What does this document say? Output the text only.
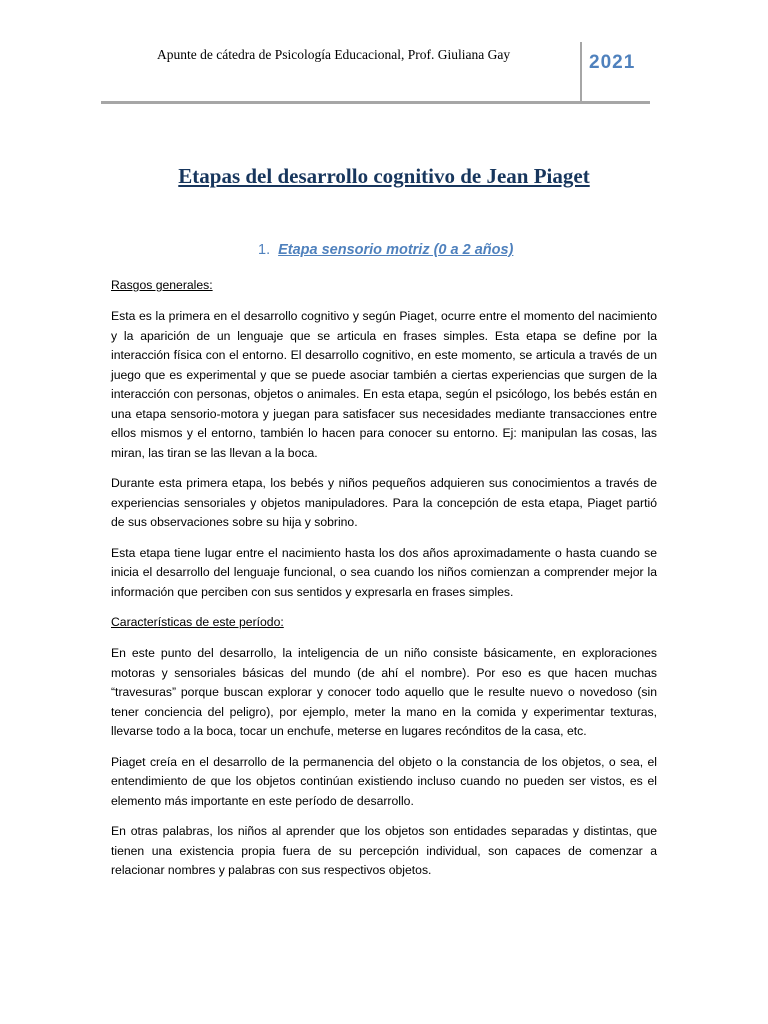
Apunte de cátedra de Psicología Educacional, Prof. Giuliana Gay	2021
Etapas del desarrollo cognitivo de Jean Piaget
1. Etapa sensorio motriz (0 a 2 años)
Rasgos generales:

Esta es la primera en el desarrollo cognitivo y según Piaget, ocurre entre el momento del nacimiento y la aparición de un lenguaje que se articula en frases simples. Esta etapa se define por la interacción física con el entorno. El desarrollo cognitivo, en este momento, se articula a través de un juego que es experimental y que se puede asociar también a ciertas experiencias que surgen de la interacción con personas, objetos o animales. En esta etapa, según el psicólogo, los bebés están en una etapa sensorio-motora y juegan para satisfacer sus necesidades mediante transacciones entre ellos mismos y el entorno, también lo hacen para conocer su entorno. Ej: manipulan las cosas, las miran, las tiran se las llevan a la boca.

Durante esta primera etapa, los bebés y niños pequeños adquieren sus conocimientos a través de experiencias sensoriales y objetos manipuladores. Para la concepción de esta etapa, Piaget partió de sus observaciones sobre su hija y sobrino.

Esta etapa tiene lugar entre el nacimiento hasta los dos años aproximadamente o hasta cuando se inicia el desarrollo del lenguaje funcional, o sea cuando los niños comienzan a comprender mejor la información que perciben con sus sentidos y expresarla en frases simples.

Características de este período:

En este punto del desarrollo, la inteligencia de un niño consiste básicamente, en exploraciones motoras y sensoriales básicas del mundo (de ahí el nombre). Por eso es que hacen muchas “travesuras” porque buscan explorar y conocer todo aquello que le resulte nuevo o novedoso (sin tener conciencia del peligro), por ejemplo, meter la mano en la comida y experimentar texturas, llevarse todo a la boca, tocar un enchufe, meterse en lugares recónditos de la casa, etc.

Piaget creía en el desarrollo de la permanencia del objeto o la constancia de los objetos, o sea, el entendimiento de que los objetos continúan existiendo incluso cuando no pueden ser vistos, es el elemento más importante en este período de desarrollo.

En otras palabras, los niños al aprender que los objetos son entidades separadas y distintas, que tienen una existencia propia fuera de su percepción individual, son capaces de comenzar a relacionar nombres y palabras con sus respectivos objetos.
